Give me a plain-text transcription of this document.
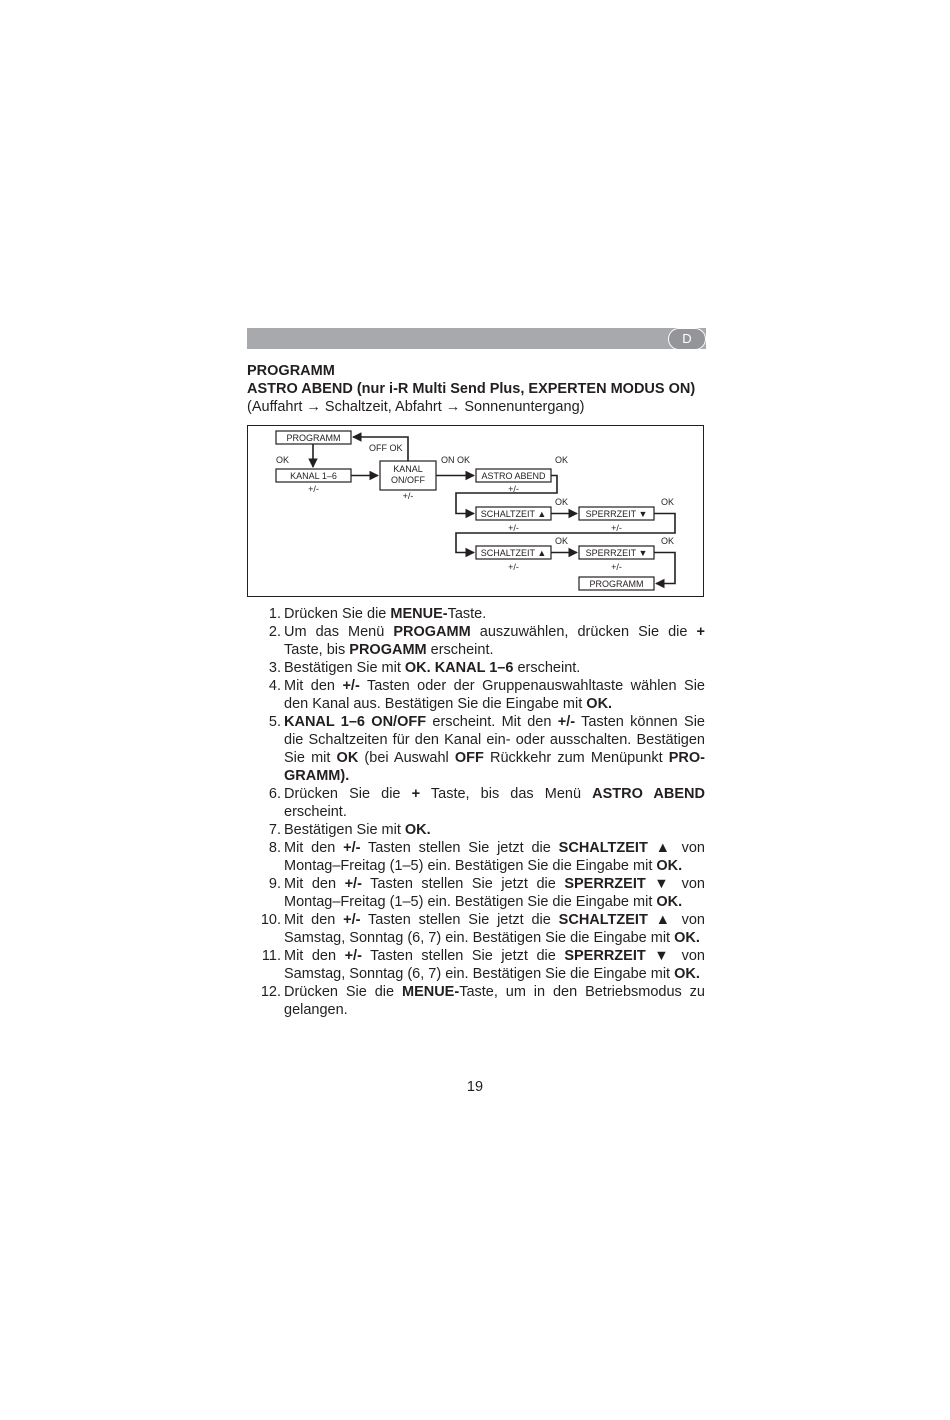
D
PROGRAMM
ASTRO ABEND (nur i-R Multi Send Plus, EXPERTEN MODUS ON)
(Auffahrt → Schaltzeit, Abfahrt → Sonnenuntergang)
PROGRAMM
KANAL 1–6
KANAL
ON/OFF	ASTRO ABEND
SCHALTZEIT ▲	SPERRZEIT ▼
SCHALTZEIT ▲	SPERRZEIT ▼
PROGRAMM
OFF OK
OK	ON OK	OK
OK	OK
OK	OK
+/-
+/-
+/-
+/-	+/-
+/-	+/-
1. Drücken Sie die MENUE-Taste.
2. Um das Menü PROGAMM auszuwählen, drücken Sie die + Taste, bis PROGAMM erscheint.
3. Bestätigen Sie mit OK. KANAL 1–6 erscheint.
4. Mit den +/- Tasten oder der Gruppenauswahltaste wählen Sie den Kanal aus. Bestätigen Sie die Eingabe mit OK.
5. KANAL 1–6 ON/OFF erscheint. Mit den +/- Tasten können Sie die Schaltzeiten für den Kanal ein- oder ausschalten. Bestätigen Sie mit OK (bei Auswahl OFF Rückkehr zum Menüpunkt PRO-GRAMM).
6. Drücken Sie die + Taste, bis das Menü ASTRO ABEND erscheint.
7. Bestätigen Sie mit OK.
8. Mit den +/- Tasten stellen Sie jetzt die SCHALTZEIT ▲ von Montag–Freitag (1–5) ein. Bestätigen Sie die Eingabe mit OK.
9. Mit den +/- Tasten stellen Sie jetzt die SPERRZEIT ▼ von Montag–Freitag (1–5) ein. Bestätigen Sie die Eingabe mit OK.
10. Mit den +/- Tasten stellen Sie jetzt die SCHALTZEIT ▲ von Samstag, Sonntag (6, 7) ein. Bestätigen Sie die Eingabe mit OK.
11. Mit den +/- Tasten stellen Sie jetzt die SPERRZEIT ▼ von Samstag, Sonntag (6, 7) ein. Bestätigen Sie die Eingabe mit OK.
12. Drücken Sie die MENUE-Taste, um in den Betriebsmodus zu gelangen.
19
